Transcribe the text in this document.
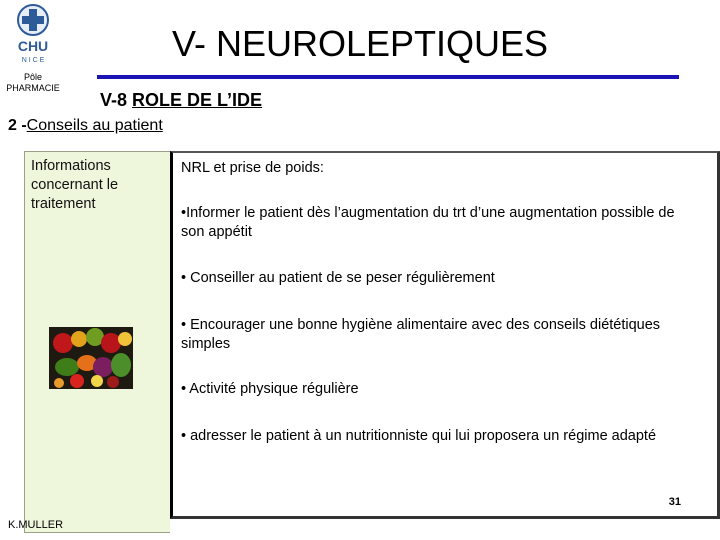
CHU
N I C E
Pôle PHARMACIE
V- NEUROLEPTIQUES
V-8 ROLE DE L’IDE
2 -Conseils au patient
Informations concernant le traitement
NRL et prise de poids:
•Informer le patient dès l’augmentation du trt d’une augmentation possible de son appétit
• Conseiller au patient de se peser régulièrement
• Encourager une bonne hygiène alimentaire avec des conseils diététiques simples
• Activité physique régulière
• adresser le patient à un nutritionniste qui lui proposera un régime adapté
31
K.MULLER
